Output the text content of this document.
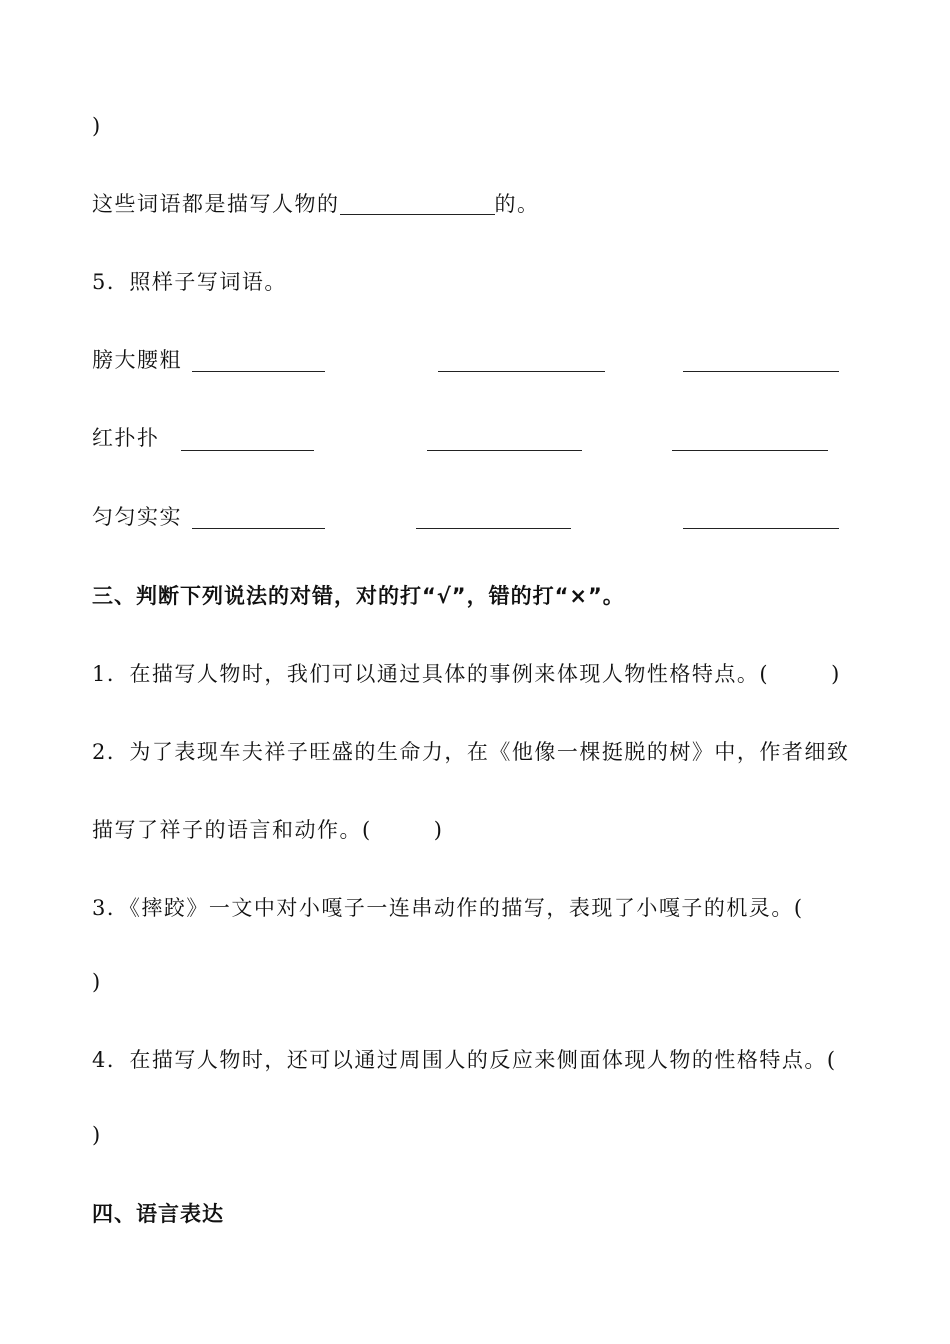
)
这些词语都是描写人物的	的。
5．照样子写词语。
膀大腰粗
红扑扑
匀匀实实
三、判断下列说法的对错，对的打“√”，错的打“×”。
1．在描写人物时，我们可以通过具体的事例来体现人物性格特点。(	)
2．为了表现车夫祥子旺盛的生命力，在《他像一棵挺脱的树》中，作者细致
描写了祥子的语言和动作。(	)
3．《摔跤》一文中对小嘎子一连串动作的描写，表现了小嘎子的机灵。(
)
4．在描写人物时，还可以通过周围人的反应来侧面体现人物的性格特点。(
)
四、语言表达
